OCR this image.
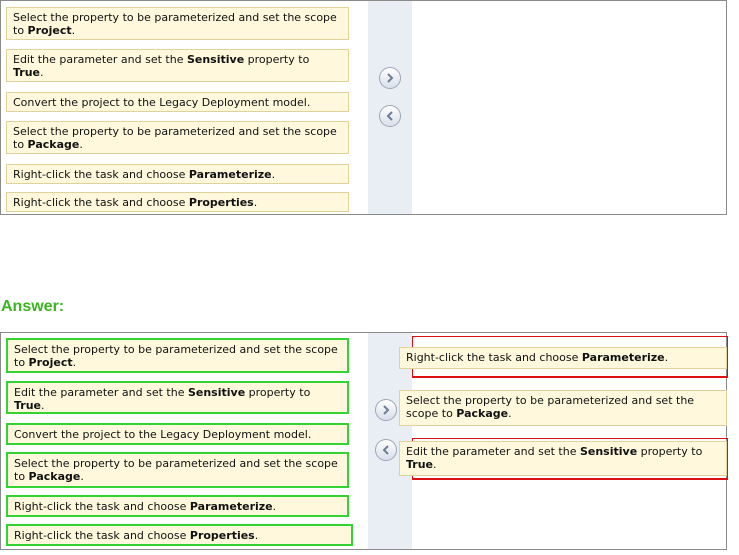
Select the property to be parameterized and set the scope to Project.
Edit the parameter and set the Sensitive property to True.
Convert the project to the Legacy Deployment model.
Select the property to be parameterized and set the scope to Package.
Right-click the task and choose Parameterize.
Right-click the task and choose Properties.
Answer:
Select the property to be parameterized and set the scope to Project.
Edit the parameter and set the Sensitive property to True.
Convert the project to the Legacy Deployment model.
Select the property to be parameterized and set the scope to Package.
Right-click the task and choose Parameterize.
Right-click the task and choose Properties.
Right-click the task and choose Parameterize.
Select the property to be parameterized and set the scope to Package.
Edit the parameter and set the Sensitive property to True.
